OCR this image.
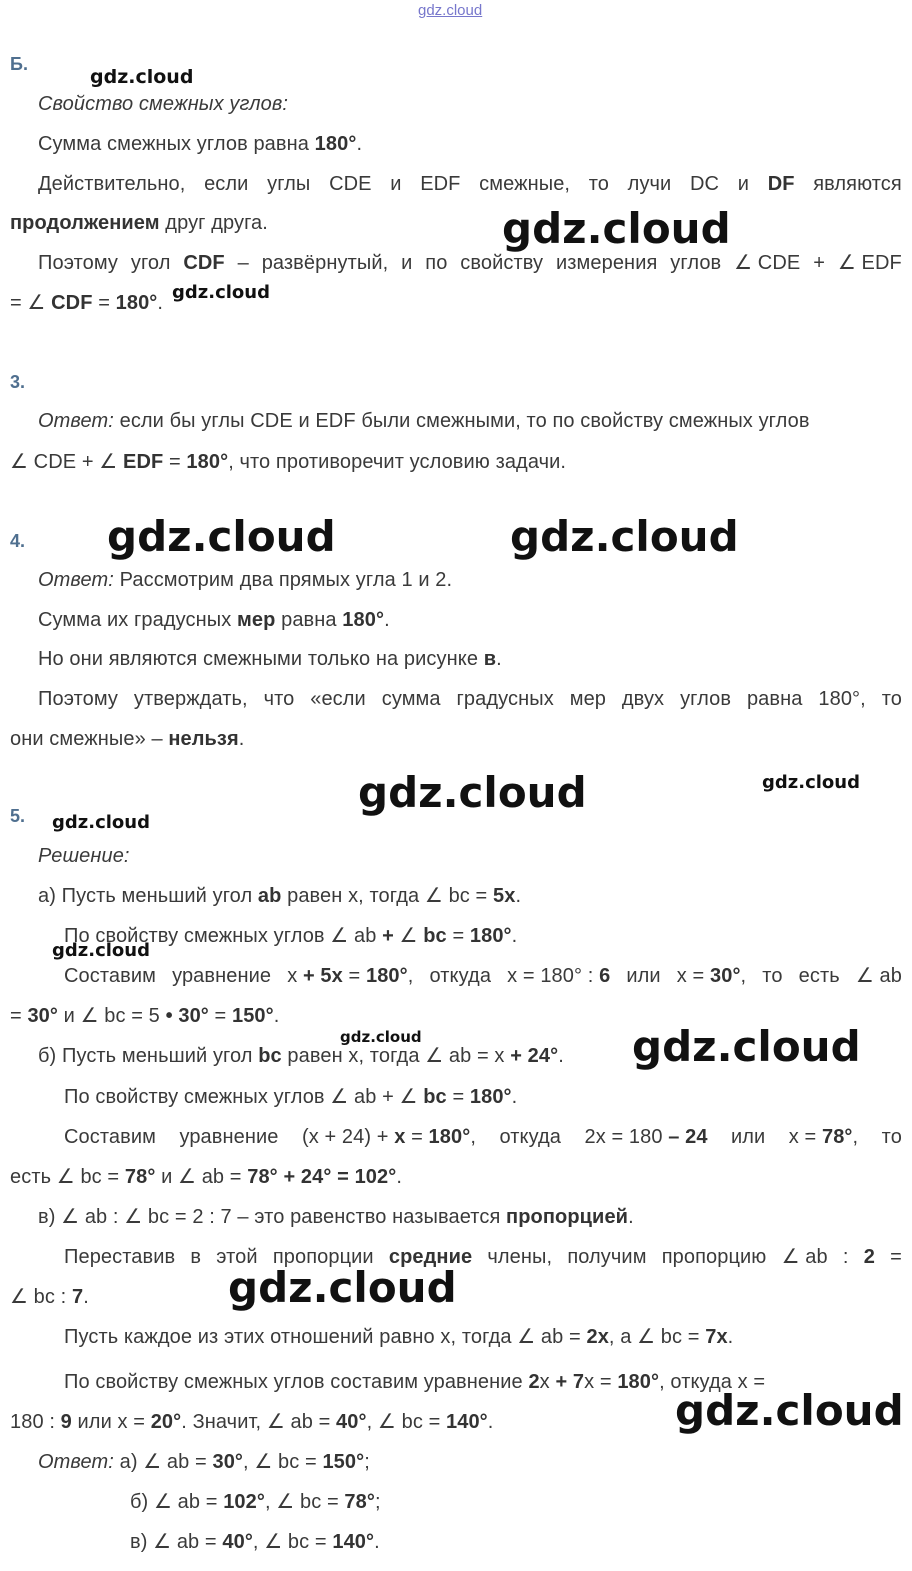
gdz.cloud
Б.
Свойство смежных углов:
Сумма смежных углов равна 180°.
Действительно, если углы CDE и EDF смежные, то лучи DC и DF являются
продолжением друг друга.
Поэтому угол CDF – развёрнутый, и по свойству измерения углов ∠ CDE + ∠ EDF
= ∠ CDF = 180°.
3.
Ответ: если бы углы CDE и EDF были смежными, то по свойству смежных углов
∠ CDE + ∠ EDF = 180°, что противоречит условию задачи.
4.
Ответ: Рассмотрим два прямых угла 1 и 2.
Сумма их градусных мер равна 180°.
Но они являются смежными только на рисунке в.
Поэтому утверждать, что «если сумма градусных мер двух углов равна 180°, то
они смежные» – нельзя.
5.
Решение:
а) Пусть меньший угол ab равен x, тогда ∠ bc = 5x.
По свойству смежных углов ∠ ab + ∠ bc = 180°.
Составим уравнение x + 5x = 180°, откуда x = 180° : 6 или x = 30°, то есть ∠ ab
= 30° и ∠ bc = 5 • 30° = 150°.
б) Пусть меньший угол bc равен x, тогда ∠ ab = x + 24°.
По свойству смежных углов ∠ ab + ∠ bc = 180°.
Составим уравнение (x + 24) + x = 180°, откуда 2x = 180 – 24 или x = 78°, то
есть ∠ bc = 78° и ∠ ab = 78° + 24° = 102°.
в) ∠ ab : ∠ bc = 2 : 7 – это равенство называется пропорцией.
Переставив в этой пропорции средние члены, получим пропорцию ∠ ab : 2 =
∠ bc : 7.
Пусть каждое из этих отношений равно x, тогда ∠ ab = 2x, а ∠ bc = 7x.
По свойству смежных углов составим уравнение 2x + 7x = 180°, откуда x =
180 : 9 или x = 20°. Значит, ∠ ab = 40°, ∠ bc = 140°.
Ответ: а) ∠ ab = 30°, ∠ bc = 150°;
б) ∠ ab = 102°, ∠ bc = 78°;
в) ∠ ab = 40°, ∠ bc = 140°.
gdz.cloud
gdz.cloud
gdz.cloud
gdz.cloud	gdz.cloud
gdz.cloud	gdz.cloud
gdz.cloud
gdz.cloud
gdz.cloud	gdz.cloud
gdz.cloud
gdz.cloud
